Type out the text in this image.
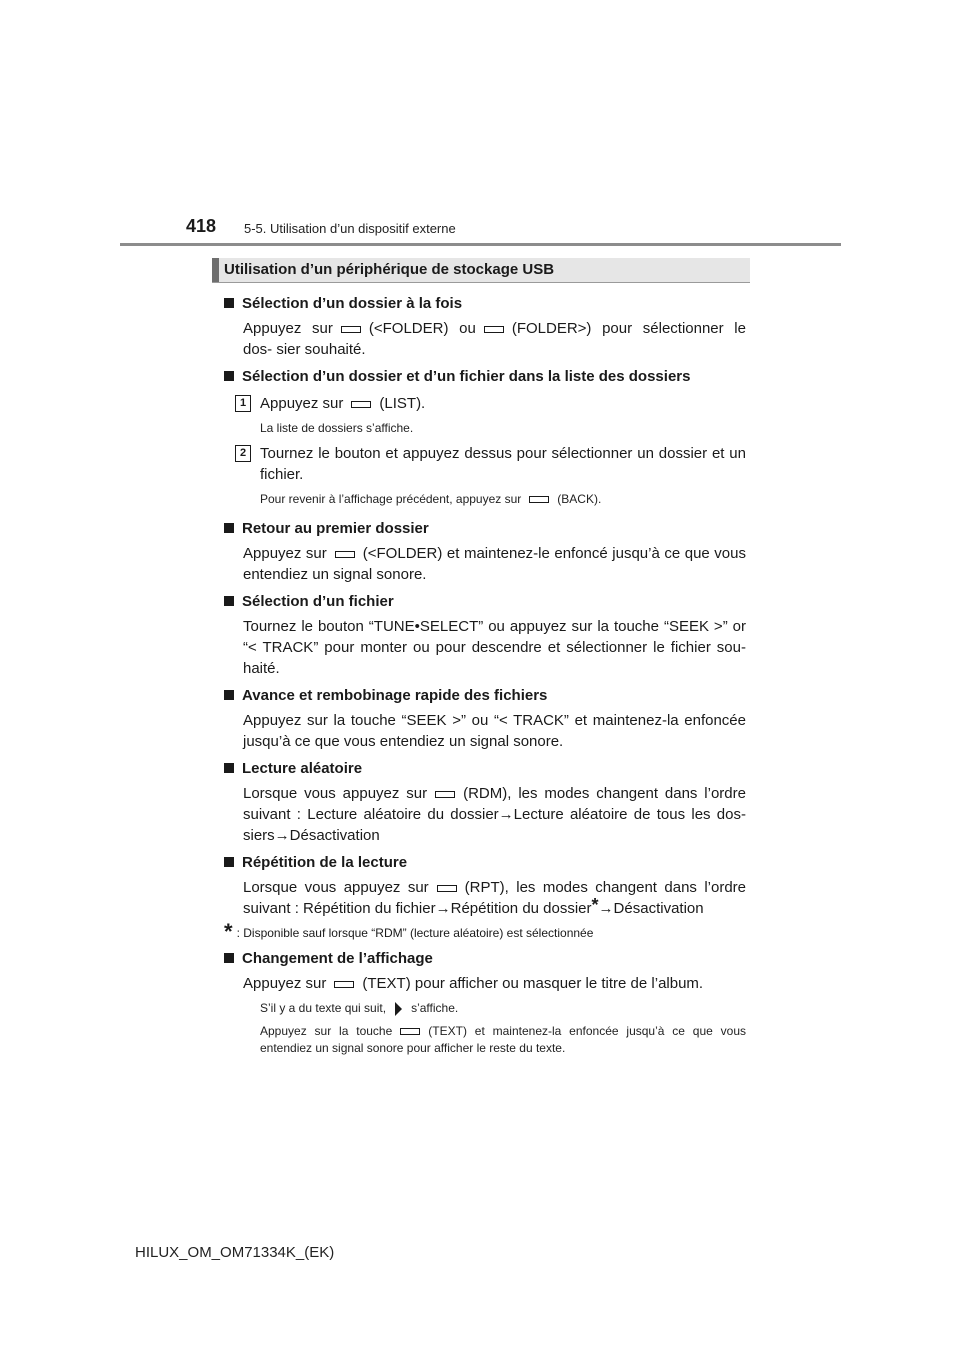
418 5-5. Utilisation d’un dispositif externe
Utilisation d’un périphérique de stockage USB
Sélection d’un dossier à la fois
Appuyez sur (<FOLDER) ou (FOLDER>) pour sélectionner le dos- sier souhaité.
Sélection d’un dossier et d’un fichier dans la liste des dossiers
1 Appuyez sur (LIST).
La liste de dossiers s’affiche.
2 Tournez le bouton et appuyez dessus pour sélectionner un dossier et un fichier.
Pour revenir à l’affichage précédent, appuyez sur	(BACK).
Retour au premier dossier
Appuyez sur (<FOLDER) et maintenez-le enfoncé jusqu’à ce que vous entendiez un signal sonore.
Sélection d’un fichier
Tournez le bouton “TUNE•SELECT” ou appuyez sur la touche “SEEK >” or “< TRACK” pour monter ou pour descendre et sélectionner le fichier sou- haité.
Avance et rembobinage rapide des fichiers
Appuyez sur la touche “SEEK >” ou “< TRACK” et maintenez-la enfoncée jusqu’à ce que vous entendiez un signal sonore.
Lecture aléatoire
Lorsque vous appuyez sur (RDM), les modes changent dans l’ordre suivant : Lecture aléatoire du dossier→Lecture aléatoire de tous les dos- siers→Désactivation
Répétition de la lecture
Lorsque vous appuyez sur (RPT), les modes changent dans l’ordre suivant : Répétition du fichier→Répétition du dossier*→Désactivation
* : Disponible sauf lorsque “RDM” (lecture aléatoire) est sélectionnée
Changement de l’affichage
Appuyez sur (TEXT) pour afficher ou masquer le titre de l’album.
S’il y a du texte qui suit, s’affiche.
Appuyez sur la touche	(TEXT) et maintenez-la enfoncée jusqu’à ce que vous entendiez un signal sonore pour afficher le reste du texte.
HILUX_OM_OM71334K_(EK)
